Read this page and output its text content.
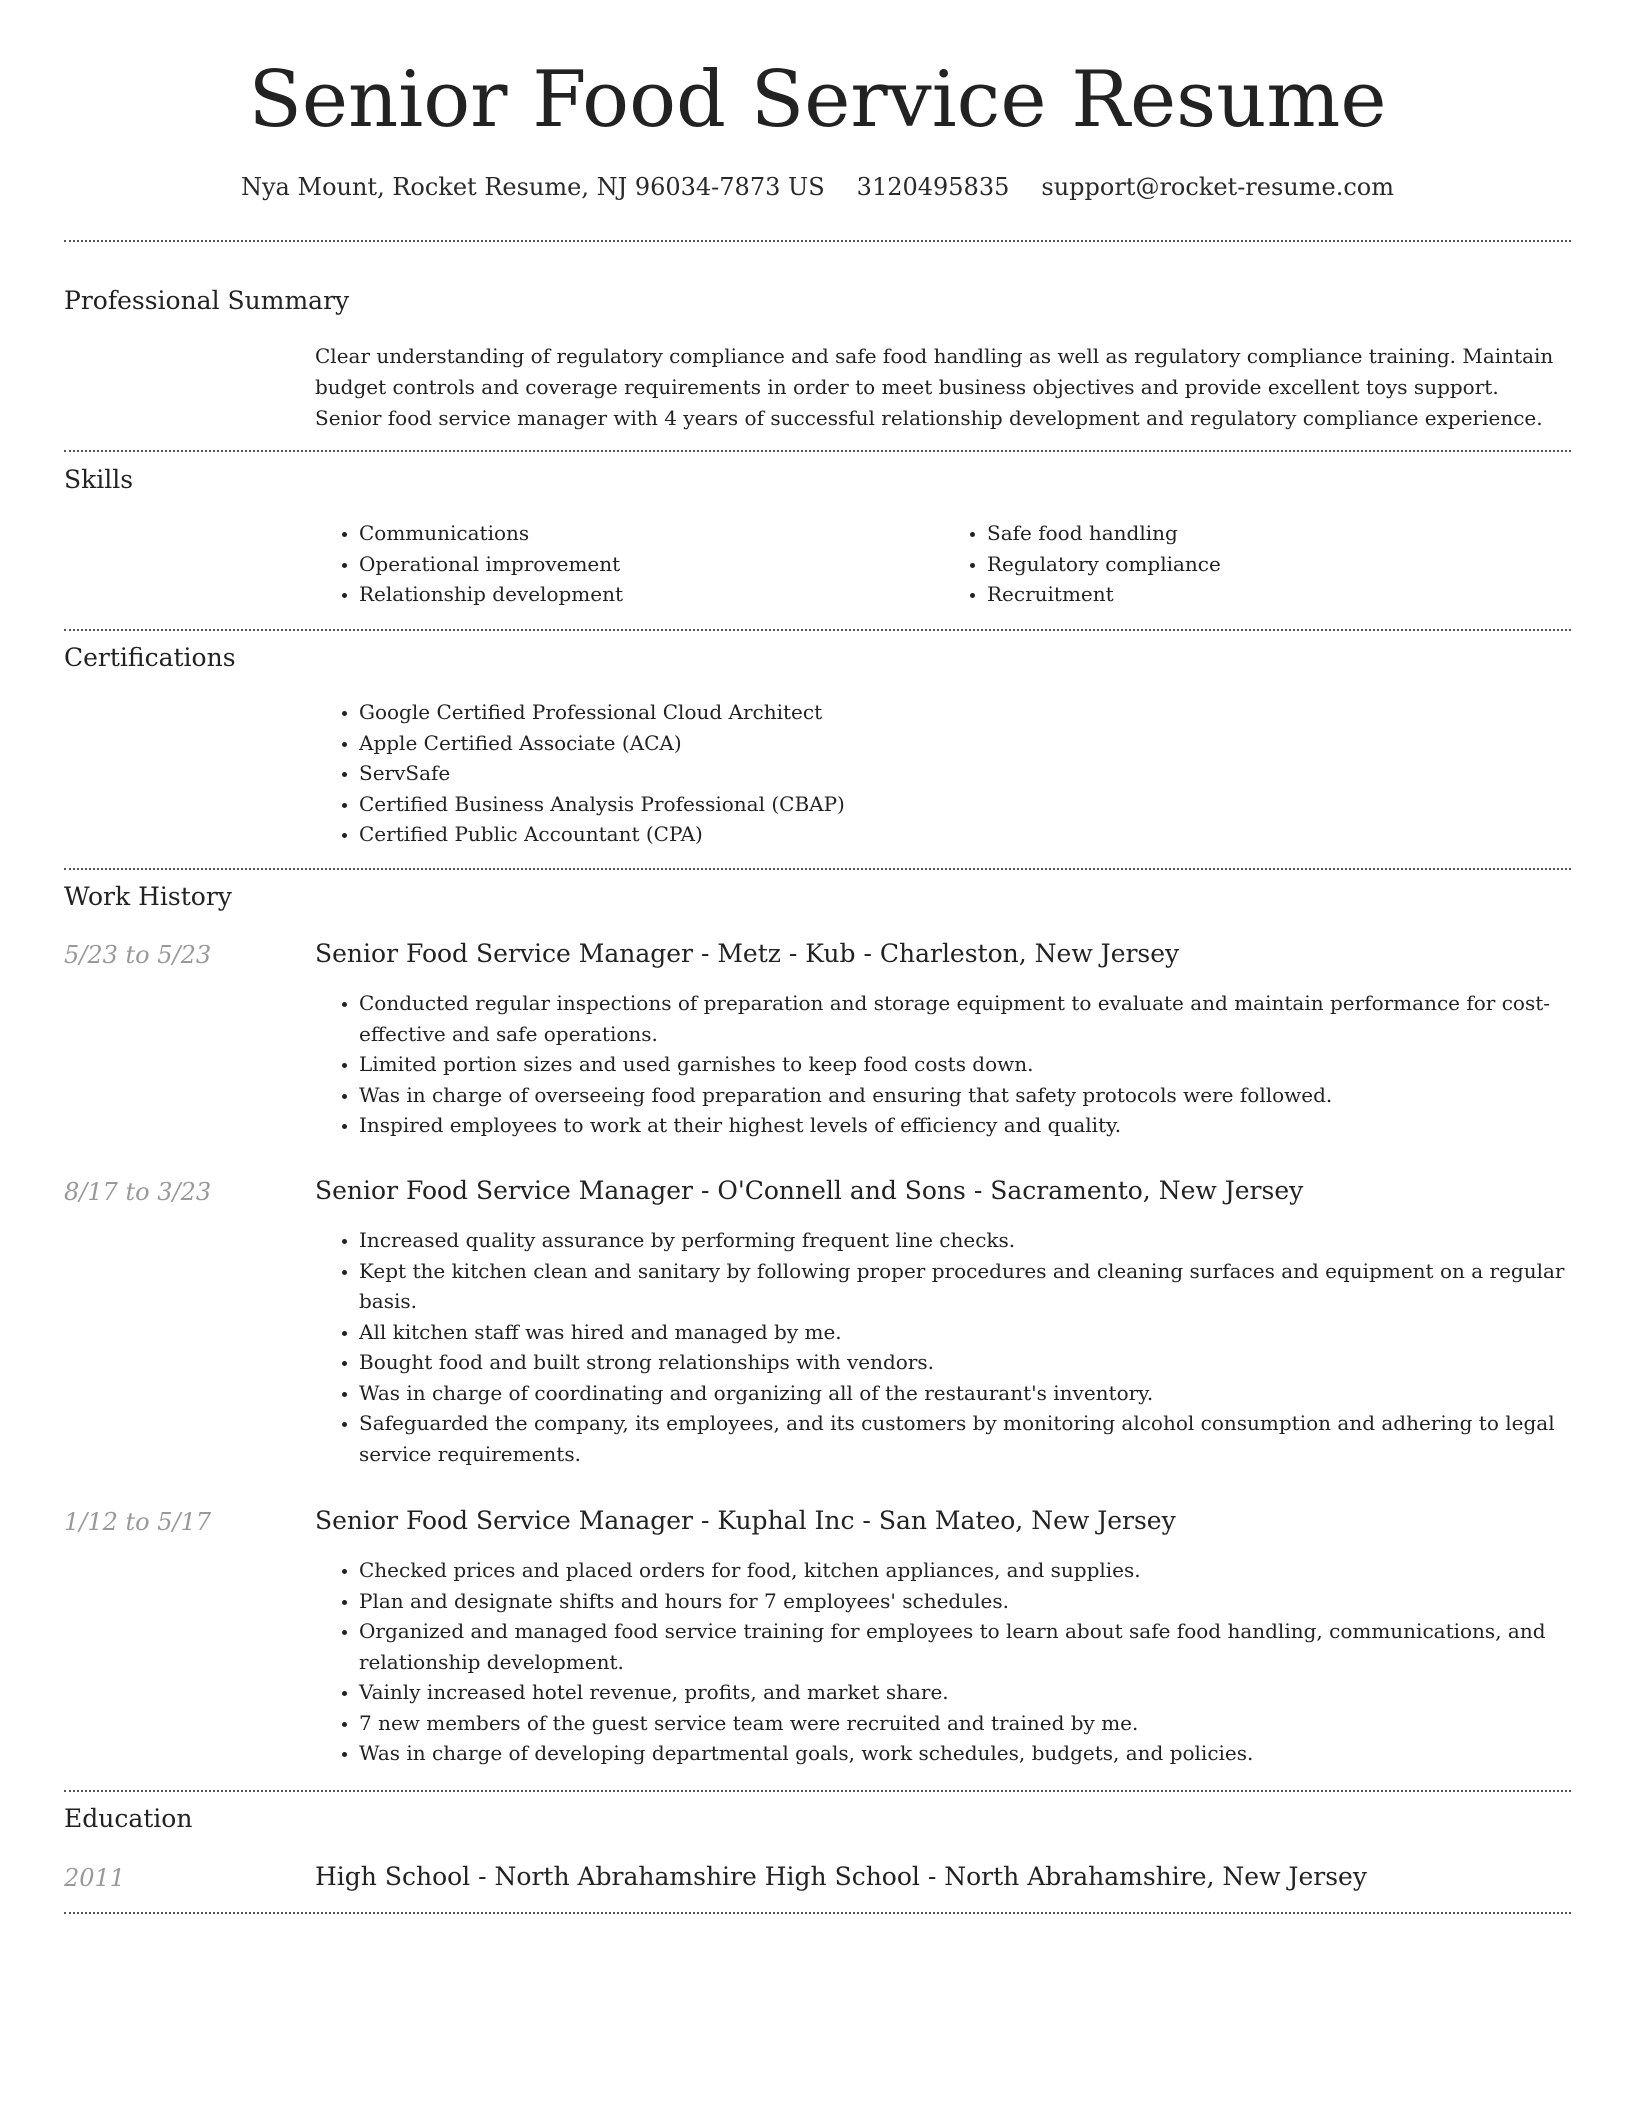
Senior Food Service Resume
Nya Mount, Rocket Resume, NJ 96034-7873 US 3120495835 support@rocket-resume.com
Professional Summary

Clear understanding of regulatory compliance and safe food handling as well as regulatory compliance training. Maintain budget controls and coverage requirements in order to meet business objectives and provide excellent toys support. Senior food service manager with 4 years of successful relationship development and regulatory compliance experience.

Skills
• Communications
• Operational improvement
• Relationship development
• Safe food handling
• Regulatory compliance
• Recruitment
Certifications
• Google Certified Professional Cloud Architect
• Apple Certified Associate (ACA)
• ServSafe
• Certified Business Analysis Professional (CBAP)
• Certified Public Accountant (CPA)
Work History
5/23 to 5/23	Senior Food Service Manager - Metz - Kub - Charleston, New Jersey
• Conducted regular inspections of preparation and storage equipment to evaluate and maintain performance for cost-effective and safe operations.
• Limited portion sizes and used garnishes to keep food costs down.
• Was in charge of overseeing food preparation and ensuring that safety protocols were followed.
• Inspired employees to work at their highest levels of efficiency and quality.
8/17 to 3/23	Senior Food Service Manager - O'Connell and Sons - Sacramento, New Jersey
• Increased quality assurance by performing frequent line checks.
• Kept the kitchen clean and sanitary by following proper procedures and cleaning surfaces and equipment on a regular basis.
• All kitchen staff was hired and managed by me.
• Bought food and built strong relationships with vendors.
• Was in charge of coordinating and organizing all of the restaurant's inventory.
• Safeguarded the company, its employees, and its customers by monitoring alcohol consumption and adhering to legal service requirements.
1/12 to 5/17	Senior Food Service Manager - Kuphal Inc - San Mateo, New Jersey
• Checked prices and placed orders for food, kitchen appliances, and supplies.
• Plan and designate shifts and hours for 7 employees' schedules.
• Organized and managed food service training for employees to learn about safe food handling, communications, and relationship development.
• Vainly increased hotel revenue, profits, and market share.
• 7 new members of the guest service team were recruited and trained by me.
• Was in charge of developing departmental goals, work schedules, budgets, and policies.
Education
2011	High School - North Abrahamshire High School - North Abrahamshire, New Jersey
